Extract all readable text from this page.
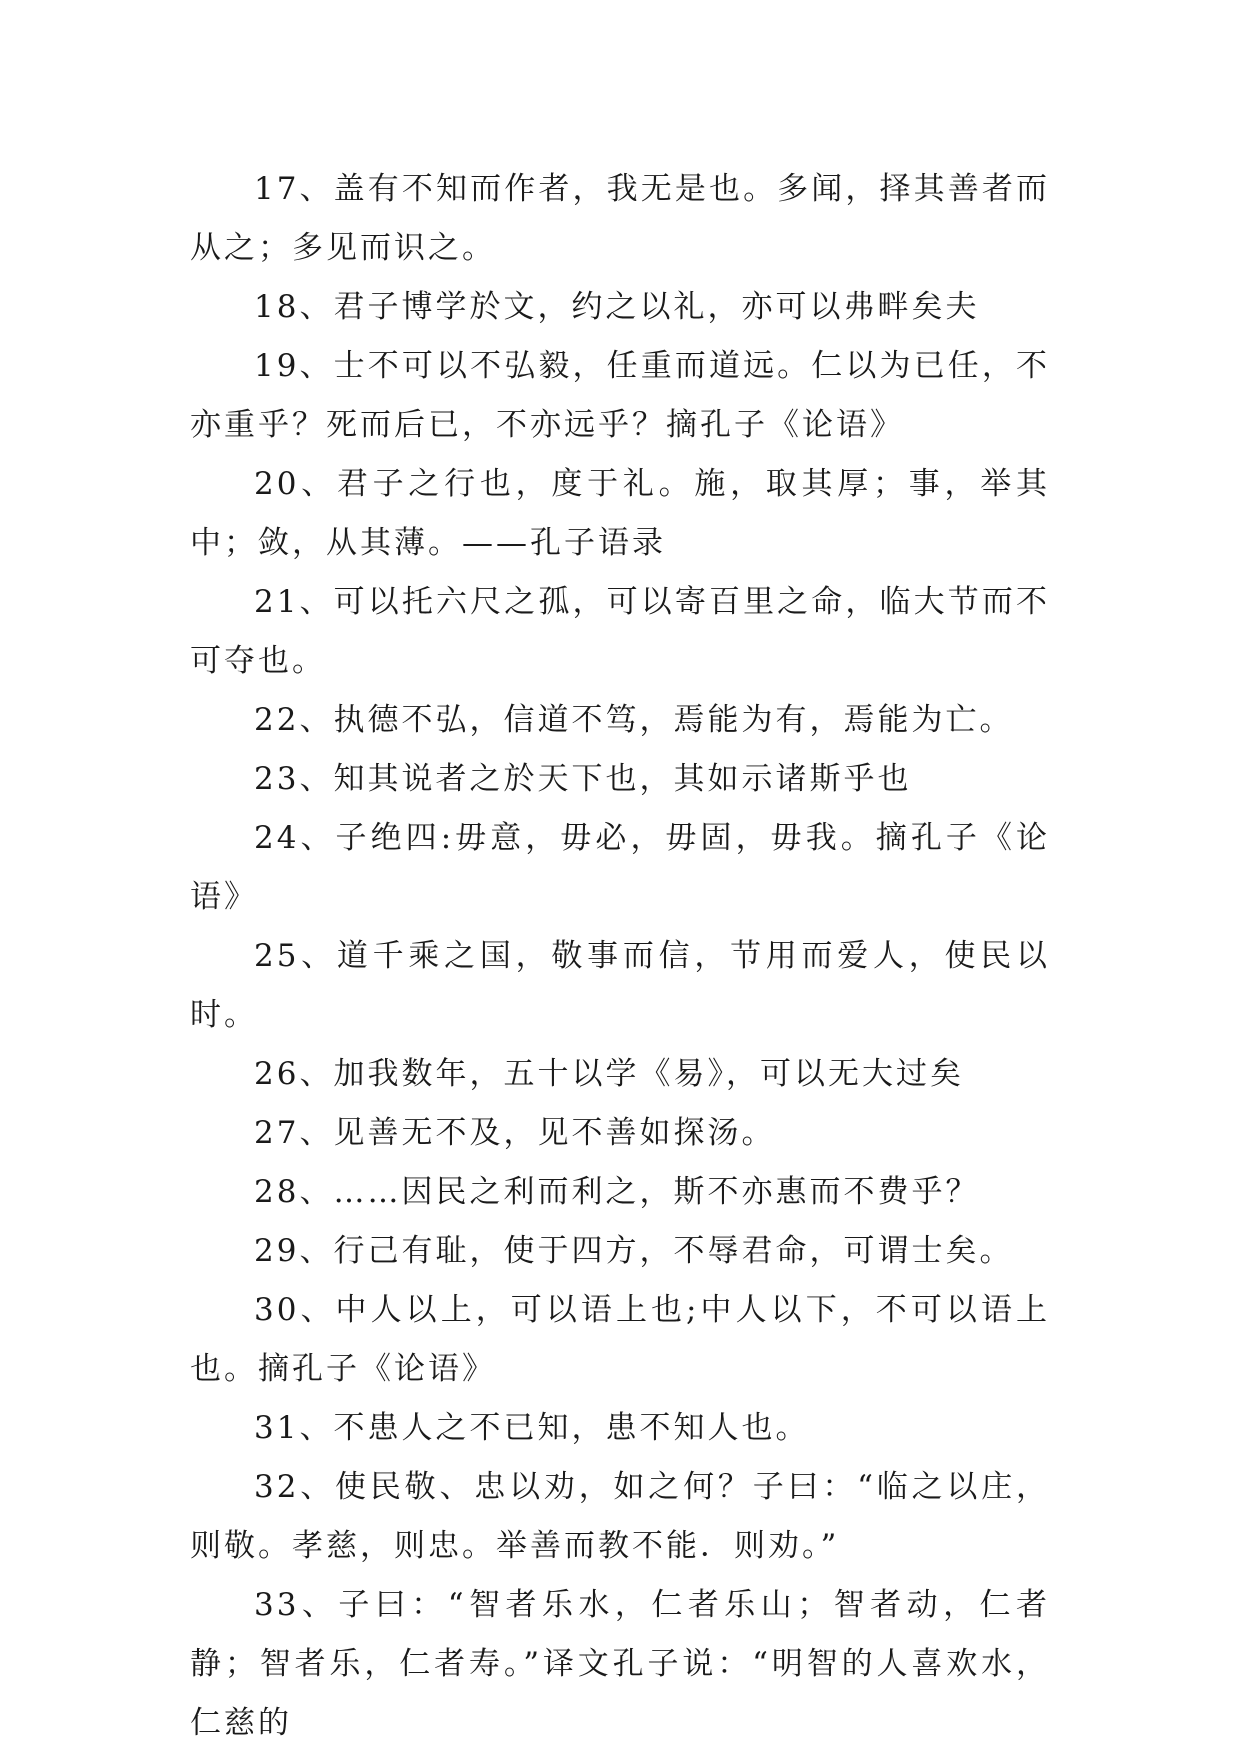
17、盖有不知而作者，我无是也。多闻，择其善者而从之；多见而识之。

18、君子博学於文，约之以礼，亦可以弗畔矣夫

19、士不可以不弘毅，任重而道远。仁以为已任，不亦重乎？死而后已，不亦远乎？摘孔子《论语》

20、君子之行也，度于礼。施，取其厚；事，举其中；敛，从其薄。——孔子语录

21、可以托六尺之孤，可以寄百里之命，临大节而不可夺也。

22、执德不弘，信道不笃，焉能为有，焉能为亡。

23、知其说者之於天下也，其如示诸斯乎也

24、子绝四:毋意，毋必，毋固，毋我。摘孔子《论语》

25、道千乘之国，敬事而信，节用而爱人，使民以时。

26、加我数年，五十以学《易》，可以无大过矣

27、见善无不及，见不善如探汤。

28、……因民之利而利之，斯不亦惠而不费乎？

29、行己有耻，使于四方，不辱君命，可谓士矣。

30、中人以上，可以语上也;中人以下，不可以语上也。摘孔子《论语》

31、不患人之不已知，患不知人也。

32、使民敬、忠以劝，如之何？子曰：“临之以庄，则敬。孝慈，则忠。举善而教不能．则劝。”

33、子曰：“智者乐水，仁者乐山；智者动，仁者静；智者乐，仁者寿。”译文孔子说：“明智的人喜欢水，仁慈的
